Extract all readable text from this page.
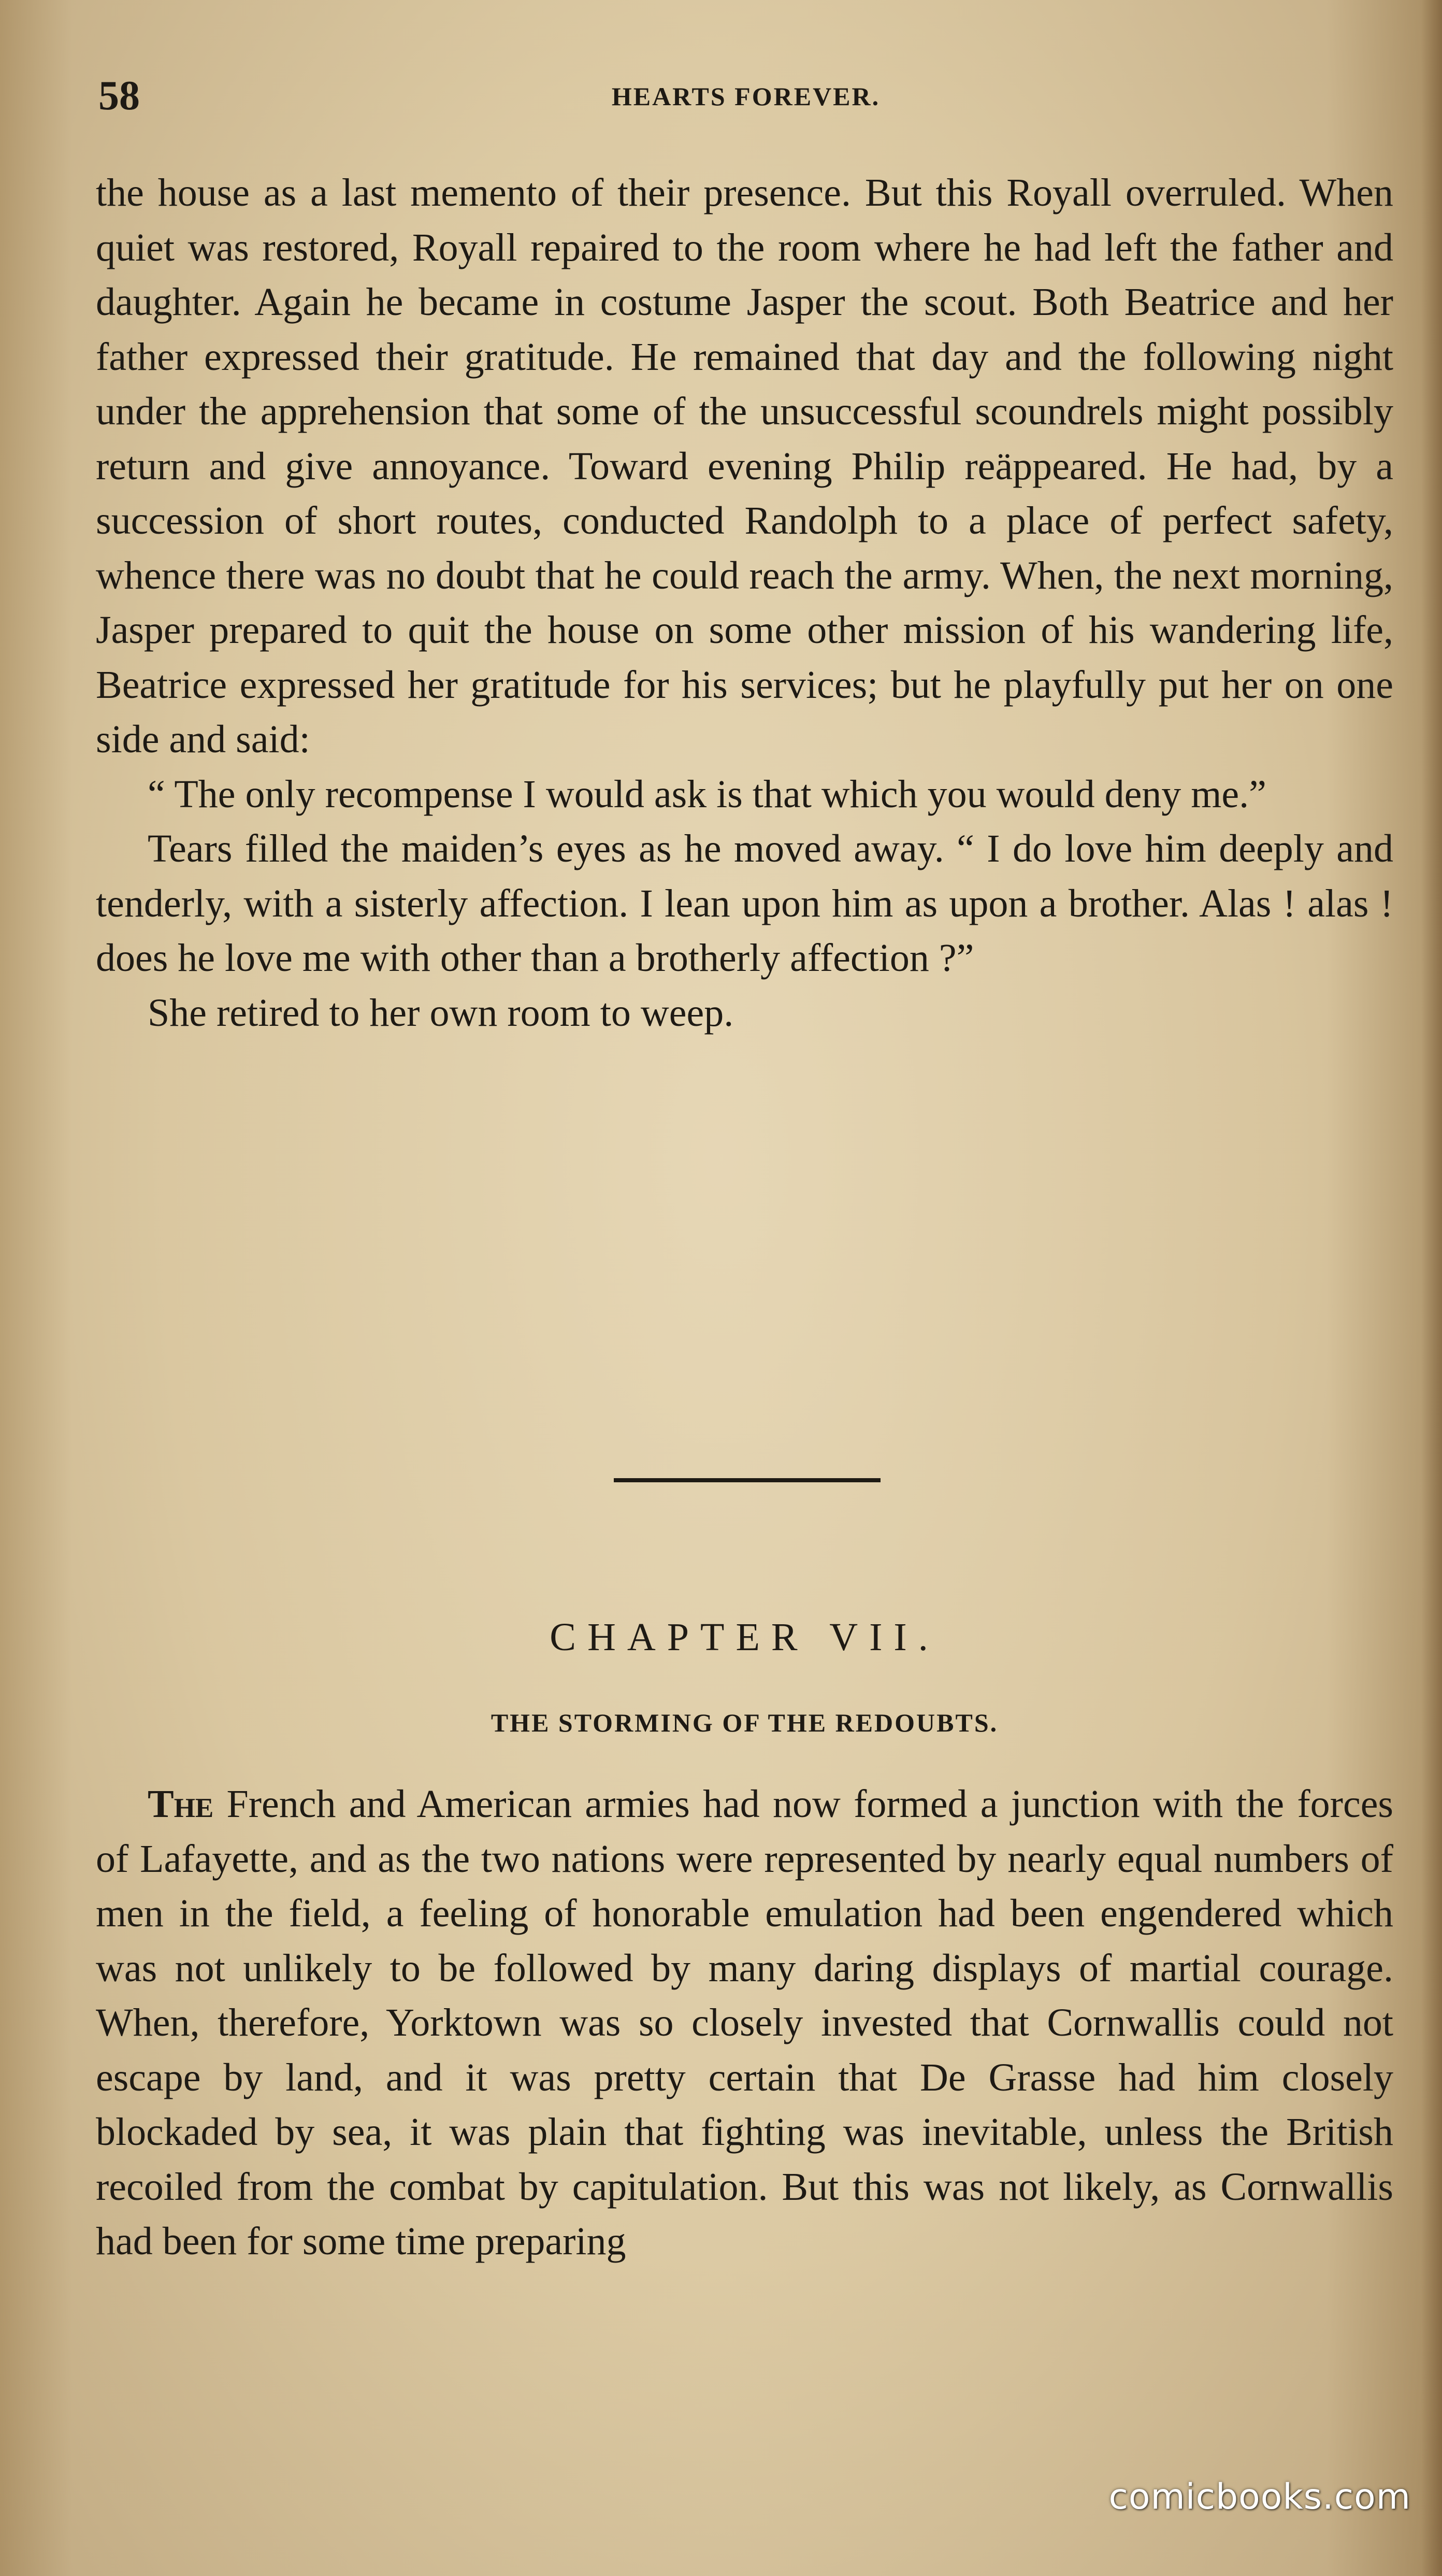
58	HEARTS FOREVER.

the house as a last memento of their presence. But this Royall overruled. When quiet was restored, Royall repaired to the room where he had left the father and daughter. Again he became in costume Jasper the scout. Both Beatrice and her father expressed their gratitude. He remained that day and the following night under the apprehension that some of the unsuccessful scoundrels might possibly return and give annoyance. Toward evening Philip reäppeared. He had, by a succession of short routes, conducted Randolph to a place of perfect safety, whence there was no doubt that he could reach the army. When, the next morning, Jasper prepared to quit the house on some other mission of his wandering life, Beatrice expressed her gratitude for his services; but he playfully put her on one side and said:

“ The only recompense I would ask is that which you would deny me.”

Tears filled the maiden’s eyes as he moved away. “ I do love him deeply and tenderly, with a sisterly affection. I lean upon him as upon a brother. Alas ! alas ! does he love me with other than a brotherly affection ?”

She retired to her own room to weep.

CHAPTER VII.
THE STORMING OF THE REDOUBTS.

The French and American armies had now formed a junction with the forces of Lafayette, and as the two nations were represented by nearly equal numbers of men in the field, a feeling of honorable emulation had been engendered which was not unlikely to be followed by many daring displays of martial courage. When, therefore, Yorktown was so closely invested that Cornwallis could not escape by land, and it was pretty certain that De Grasse had him closely blockaded by sea, it was plain that fighting was inevitable, unless the British recoiled from the combat by capitulation. But this was not likely, as Cornwallis had been for some time preparing

comicbooks.com
